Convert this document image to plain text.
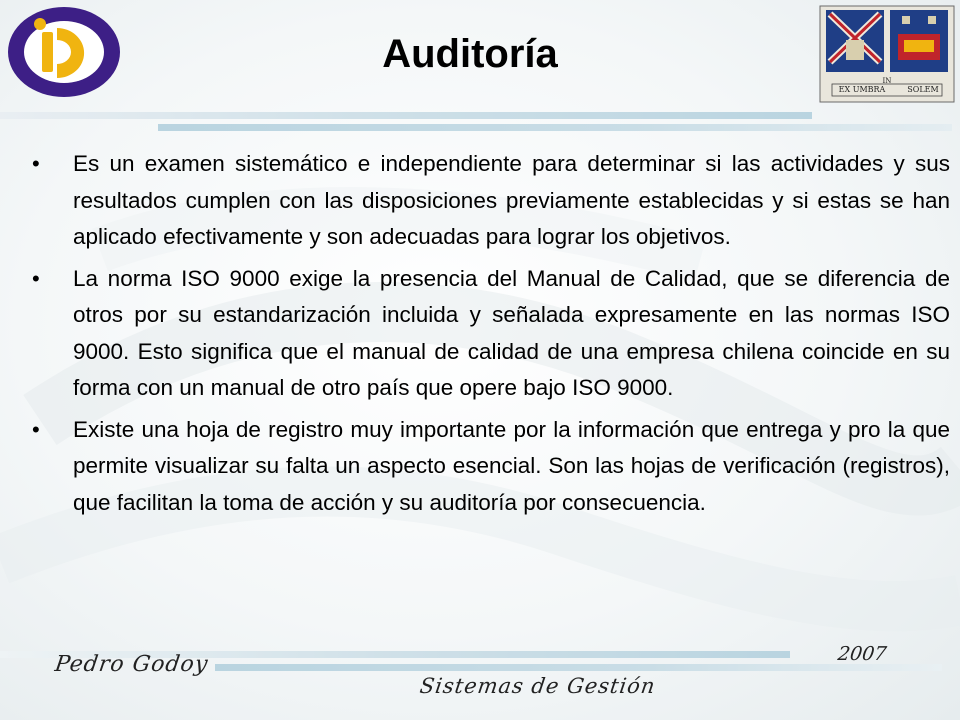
Auditoría
EX UMBRA
IN
SOLEM
• Es un examen sistemático e independiente para determinar si las actividades y sus resultados cumplen con las disposiciones previamente establecidas y si estas se han aplicado efectivamente y son adecuadas para lograr los objetivos.
• La norma ISO 9000 exige la presencia del Manual de Calidad, que se diferencia de otros por su estandarización incluida y señalada expresamente en las normas ISO 9000. Esto significa que el manual de calidad de una empresa chilena coincide en su forma con un manual de otro país que opere bajo ISO 9000.
• Existe una hoja de registro muy importante por la información que entrega y pro la que permite visualizar su falta un aspecto esencial. Son las hojas de verificación (registros), que facilitan la toma de acción y su auditoría por consecuencia.
Pedro Godoy	2007
Sistemas de Gestión
